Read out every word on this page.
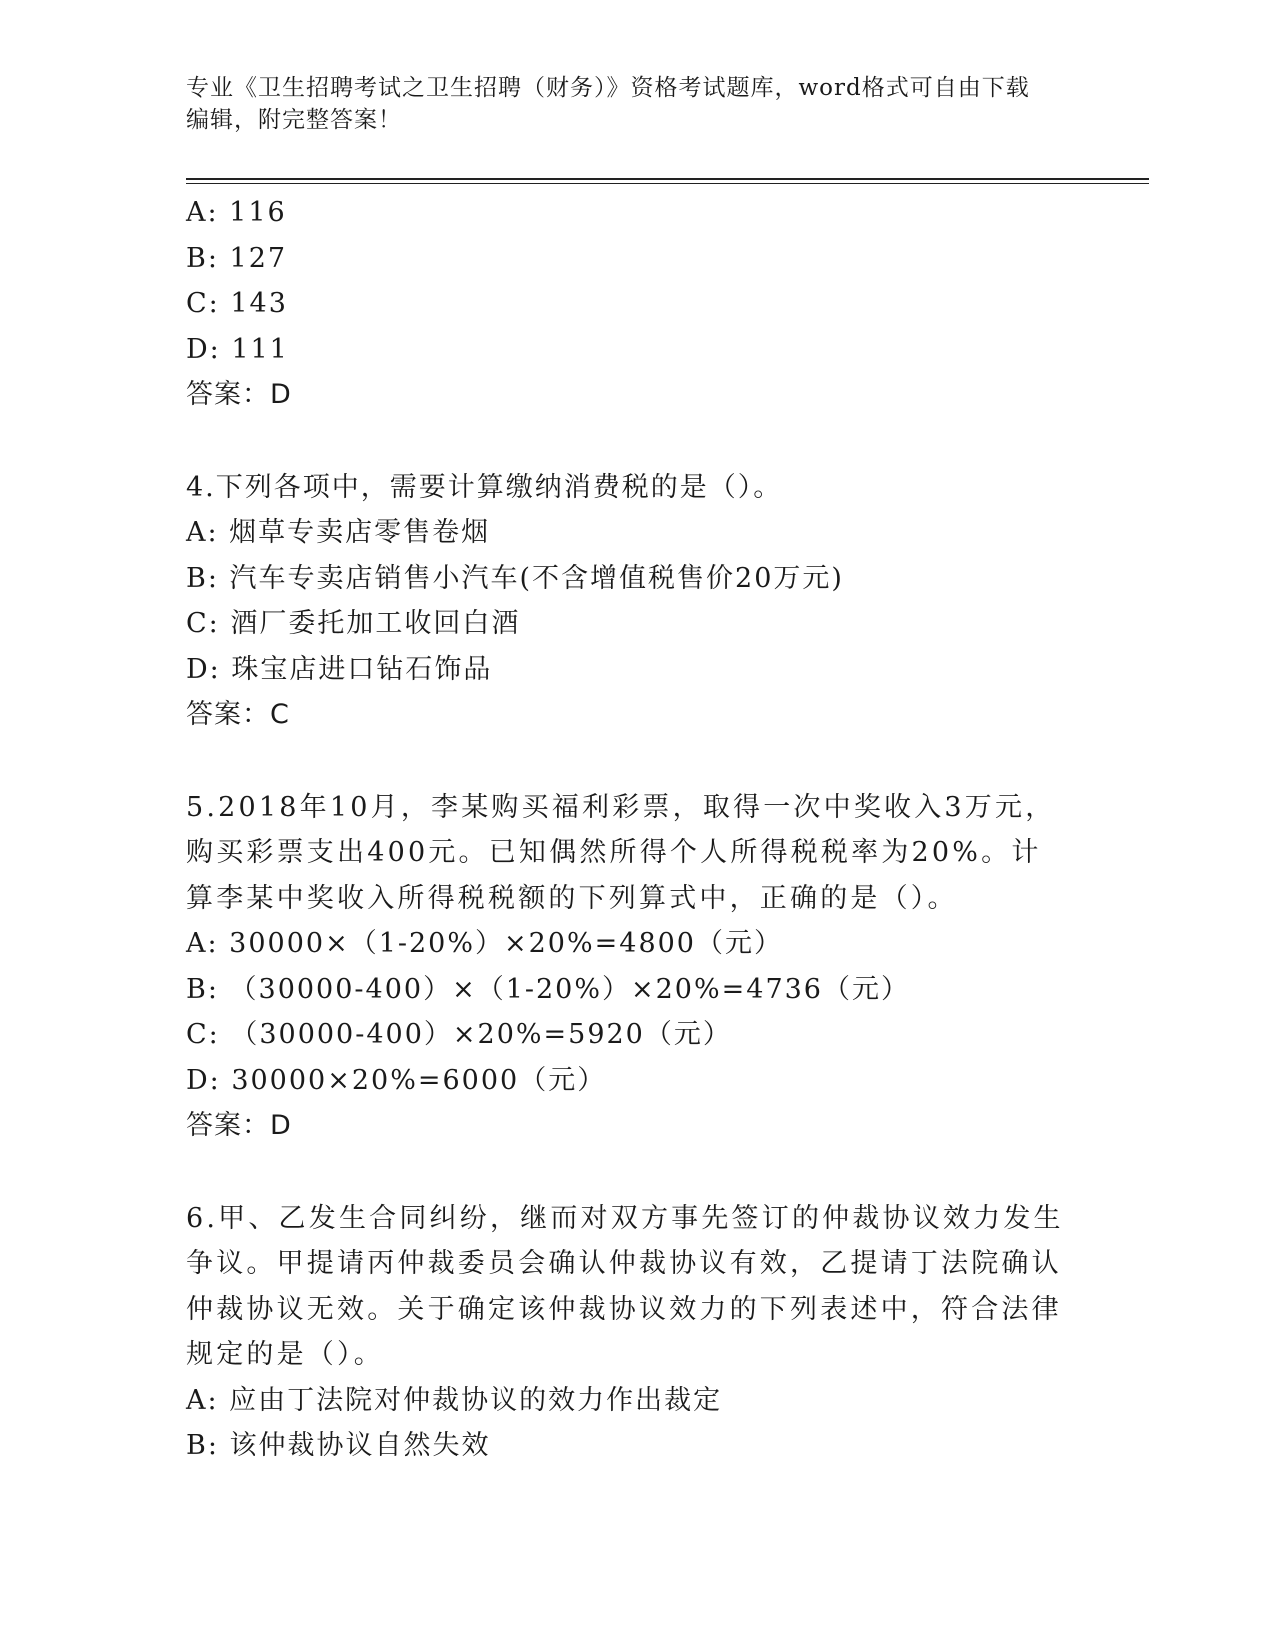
专业《卫生招聘考试之卫生招聘（财务）》资格考试题库，word格式可自由下载
编辑，附完整答案！
A: 116
B: 127
C: 143
D: 111
答案：D
4.下列各项中，需要计算缴纳消费税的是（）。
A: 烟草专卖店零售卷烟
B: 汽车专卖店销售小汽车(不含增值税售价20万元)
C: 酒厂委托加工收回白酒
D: 珠宝店进口钻石饰品
答案：C
5.2018年10月，李某购买福利彩票，取得一次中奖收入3万元，购买彩票支出400元。已知偶然所得个人所得税税率为20%。计算李某中奖收入所得税税额的下列算式中，正确的是（）。
A: 30000×（1-20%）×20%=4800（元）
B: （30000-400）×（1-20%）×20%=4736（元）
C: （30000-400）×20%=5920（元）
D: 30000×20%=6000（元）
答案：D
6.甲、乙发生合同纠纷，继而对双方事先签订的仲裁协议效力发生争议。甲提请丙仲裁委员会确认仲裁协议有效，乙提请丁法院确认仲裁协议无效。关于确定该仲裁协议效力的下列表述中，符合法律规定的是（）。
A: 应由丁法院对仲裁协议的效力作出裁定
B: 该仲裁协议自然失效
